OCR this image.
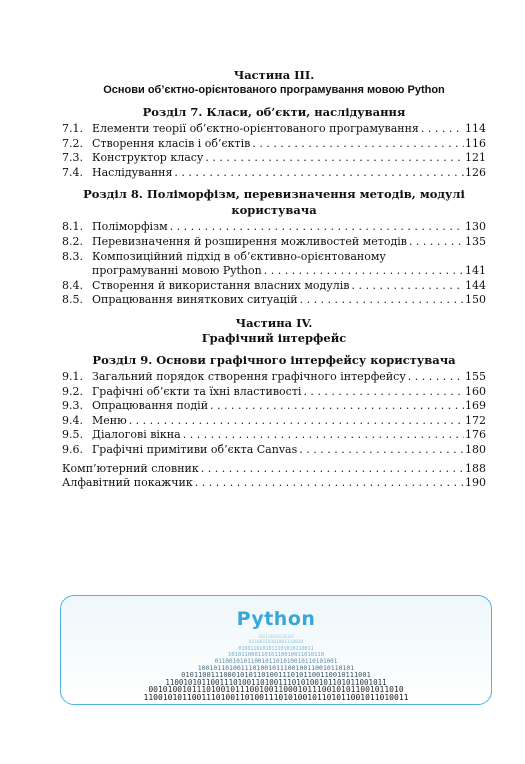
Частина ІІІ.
Основи об’єктно-орієнтованого програмування мовою Python
Розділ 7. Класи, об’єкти, наслідування
7.1. Елементи теорії об’єктно-орієнтованого програмування . . .	114
7.2. Створення класів і об’єктів . . .	116
7.3. Конструктор класу . . .	121
7.4. Наслідування . . .	126
Розділ 8. Поліморфізм, перевизначення методів, модулі користувача
8.1. Поліморфізм . . .	130
8.2. Перевизначення й розширення можливостей методів . . .	135
8.3. Композиційний підхід в об’єктивно-орієнтованому
програмуванні мовою Python . . .	141
8.4. Створення й використання власних модулів . . .	144
8.5. Опрацювання виняткових ситуацій . . .	150
Частина IV.
Графічний інтерфейс
Розділ 9. Основи графічного інтерфейсу користувача
9.1. Загальний порядок створення графічного інтерфейсу . . .	155
9.2. Графічні об’єкти та їхні властивості . . .	160
9.3. Опрацювання подій . . .	169
9.4. Меню . . .	172
9.5. Діалогові вікна . . .	176
9.6. Графічні примітиви об’єкта Canvas . . .	180
Комп’ютерний словник . . .	188
Алфавітний покажчик . . .	190
Python
101110010110101
01100110101001110010
0100110101011101010110011
10101100011010110010011010110
0110010101100101101010010110101001
1001011010011101001011100100110010110101
010110011100010101101001110101100110010111001
1100101011001110100110100111010100101101011001011
00101001011101001011100100110001011100101011001011010
1100101011001110100110100111010100101101011001011010011
